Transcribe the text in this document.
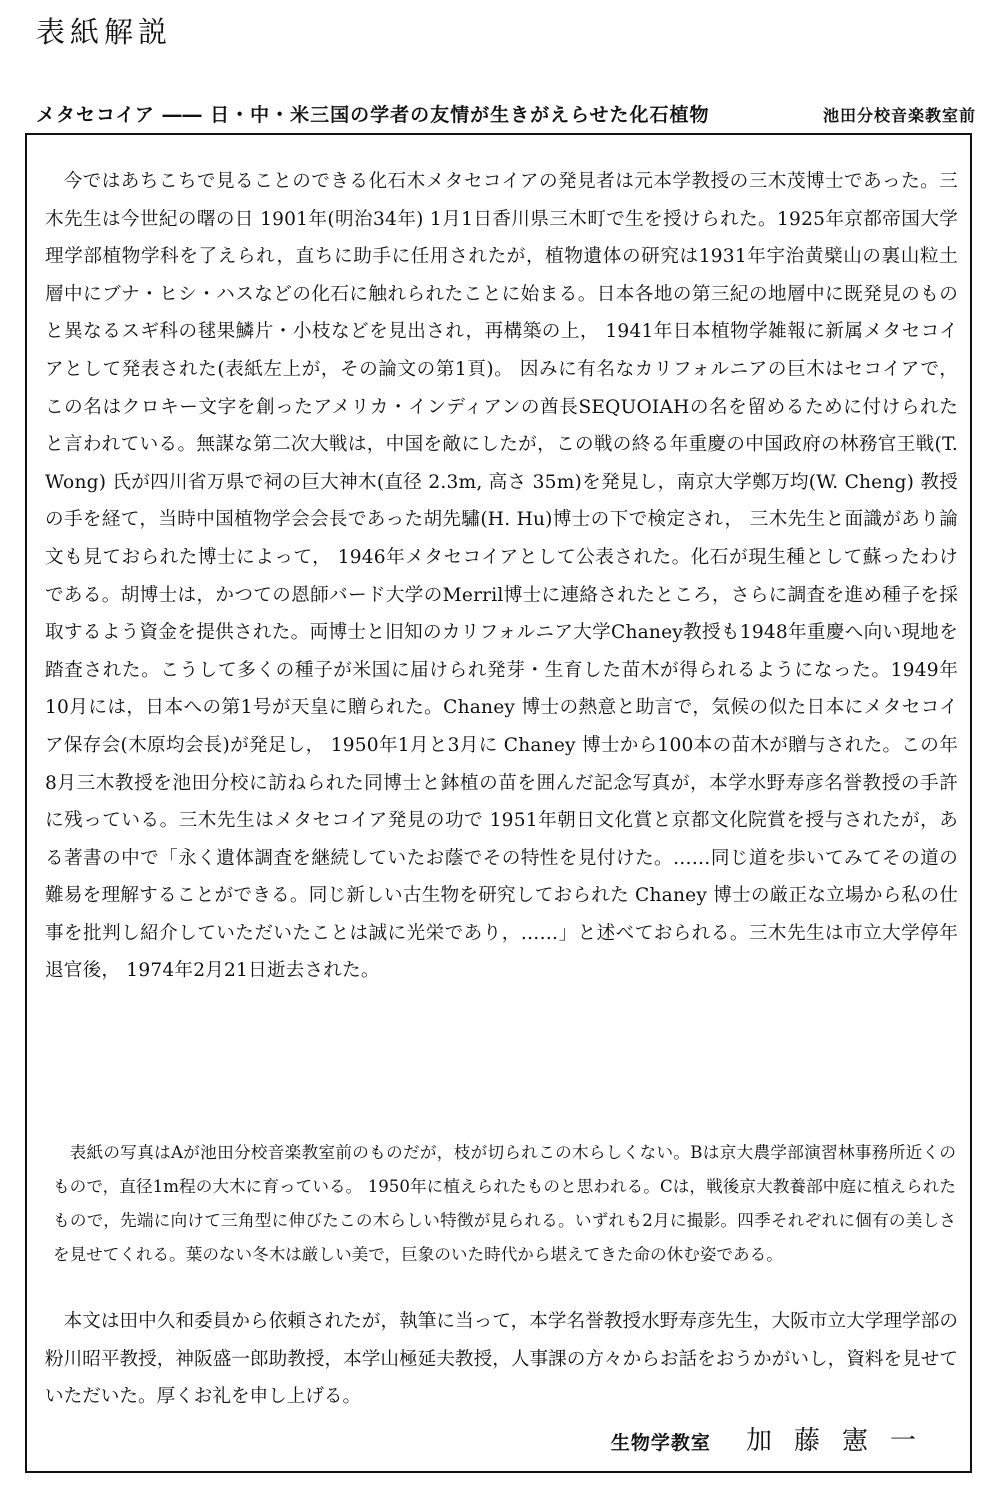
表紙解説
メタセコイア ―― 日・中・米三国の学者の友情が生きがえらせた化石植物	池田分校音楽教室前
今ではあちこちで見ることのできる化石木メタセコイアの発見者は元本学教授の三木茂博士であった。三木先生は今世紀の曙の日 1901年(明治34年) 1月1日香川県三木町で生を授けられた。1925年京都帝国大学理学部植物学科を了えられ，直ちに助手に任用されたが，植物遺体の研究は1931年宇治黄檗山の裏山粒土層中にブナ・ヒシ・ハスなどの化石に触れられたことに始まる。日本各地の第三紀の地層中に既発見のものと異なるスギ科の毬果鱗片・小枝などを見出され，再構築の上， 1941年日本植物学雑報に新属メタセコイアとして発表された(表紙左上が，その論文の第1頁)。 因みに有名なカリフォルニアの巨木はセコイアで，この名はクロキー文字を創ったアメリカ・インディアンの酋長SEQUOIAHの名を留めるために付けられたと言われている。無謀な第二次大戦は，中国を敵にしたが，この戦の終る年重慶の中国政府の林務官王戦(T. Wong) 氏が四川省万県で祠の巨大神木(直径 2.3m, 高さ 35m)を発見し，南京大学鄭万均(W. Cheng) 教授の手を経て，当時中国植物学会会長であった胡先驌(H. Hu)博士の下で検定され， 三木先生と面識があり論文も見ておられた博士によって， 1946年メタセコイアとして公表された。化石が現生種として蘇ったわけである。胡博士は，かつての恩師バード大学のMerril博士に連絡されたところ，さらに調査を進め種子を採取するよう資金を提供された。両博士と旧知のカリフォルニア大学Chaney教授も1948年重慶へ向い現地を踏査された。こうして多くの種子が米国に届けられ発芽・生育した苗木が得られるようになった。1949年10月には，日本への第1号が天皇に贈られた。Chaney 博士の熱意と助言で，気候の似た日本にメタセコイア保存会(木原均会長)が発足し， 1950年1月と3月に Chaney 博士から100本の苗木が贈与された。この年8月三木教授を池田分校に訪ねられた同博士と鉢植の苗を囲んだ記念写真が，本学水野寿彦名誉教授の手許に残っている。三木先生はメタセコイア発見の功で 1951年朝日文化賞と京都文化院賞を授与されたが，ある著書の中で「永く遺体調査を継続していたお蔭でその特性を見付けた。……同じ道を歩いてみてその道の難易を理解することができる。同じ新しい古生物を研究しておられた Chaney 博士の厳正な立場から私の仕事を批判し紹介していただいたことは誠に光栄であり，……」と述べておられる。三木先生は市立大学停年退官後， 1974年2月21日逝去された。
表紙の写真はAが池田分校音楽教室前のものだが，枝が切られこの木らしくない。Bは京大農学部演習林事務所近くのもので，直径1m程の大木に育っている。 1950年に植えられたものと思われる。Cは，戦後京大教養部中庭に植えられたもので，先端に向けて三角型に伸びたこの木らしい特徴が見られる。いずれも2月に撮影。四季それぞれに個有の美しさを見せてくれる。葉のない冬木は厳しい美で，巨象のいた時代から堪えてきた命の休む姿である。
本文は田中久和委員から依頼されたが，執筆に当って，本学名誉教授水野寿彦先生，大阪市立大学理学部の粉川昭平教授，神阪盛一郎助教授，本学山極延夫教授，人事課の方々からお話をおうかがいし，資料を見せていただいた。厚くお礼を申し上げる。
生物学教室 加藤憲一
